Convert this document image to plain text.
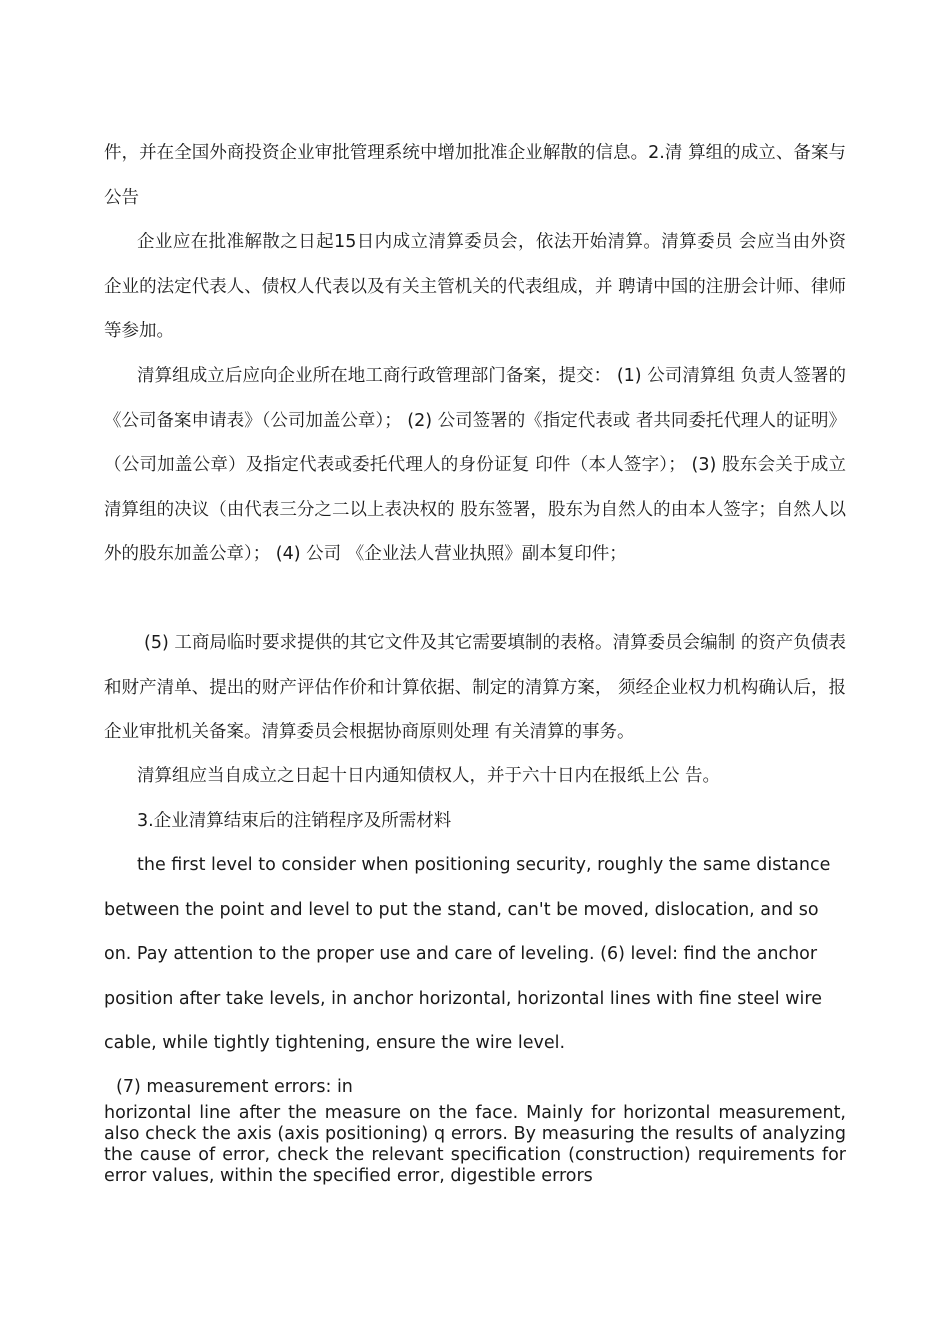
件，并在全国外商投资企业审批管理系统中增加批准企业解散的信息。2.清 算组的成立、备案与公告

企业应在批准解散之日起15日内成立清算委员会，依法开始清算。清算委员 会应当由外资企业的法定代表人、债权人代表以及有关主管机关的代表组成，并 聘请中国的注册会计师、律师等参加。

清算组成立后应向企业所在地工商行政管理部门备案，提交： (1) 公司清算组 负责人签署的《公司备案申请表》（公司加盖公章）； (2) 公司签署的《指定代表或 者共同委托代理人的证明》（公司加盖公章）及指定代表或委托代理人的身份证复 印件（本人签字）； (3) 股东会关于成立清算组的决议（由代表三分之二以上表决权的 股东签署，股东为自然人的由本人签字；自然人以外的股东加盖公章）； (4) 公司 《企业法人营业执照》副本复印件；

(5) 工商局临时要求提供的其它文件及其它需要填制的表格。清算委员会编制 的资产负债表和财产清单、提出的财产评估作价和计算依据、制定的清算方案， 须经企业权力机构确认后，报企业审批机关备案。清算委员会根据协商原则处理 有关清算的事务。

清算组应当自成立之日起十日内通知债权人，并于六十日内在报纸上公 告。

3.企业清算结束后的注销程序及所需材料

the first level to consider when positioning security, roughly the same distance between the point and level to put the stand, can't be moved, dislocation, and so on. Pay attention to the proper use and care of leveling. (6) level: find the anchor position after take levels, in anchor horizontal, horizontal lines with fine steel wire cable, while tightly tightening, ensure the wire level.

(7) measurement errors: in

horizontal line after the measure on the face. Mainly for horizontal measurement, also check the axis (axis positioning) q errors. By measuring the results of analyzing the cause of error, check the relevant specification (construction) requirements for error values, within the specified error, digestible errors
